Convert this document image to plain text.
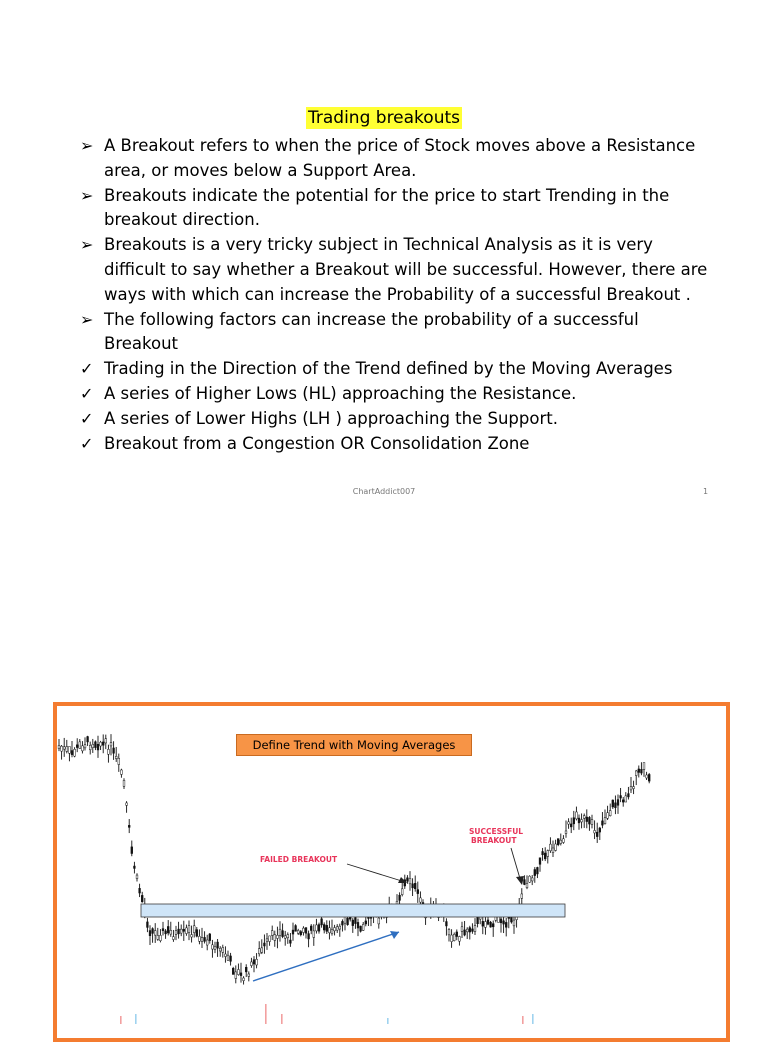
Trading breakouts
➢ A Breakout refers to when the price of Stock moves above a Resistance area, or moves below a Support Area.
➢ Breakouts indicate the potential for the price to start Trending in the breakout direction.
➢ Breakouts is a very tricky subject in Technical Analysis as it is very difficult to say whether a Breakout will be successful. However, there are ways with which can increase the Probability of a successful Breakout .
➢ The following factors can increase the probability of a successful Breakout
✓ Trading in the Direction of the Trend defined by the Moving Averages
✓ A series of Higher Lows (HL) approaching the Resistance.
✓ A series of Lower Highs (LH ) approaching the Support.
✓ Breakout from a Congestion OR Consolidation Zone
ChartAddict007	1
FAILED BREAKOUT
SUCCESSFUL
BREAKOUT
Define Trend with Moving Averages
